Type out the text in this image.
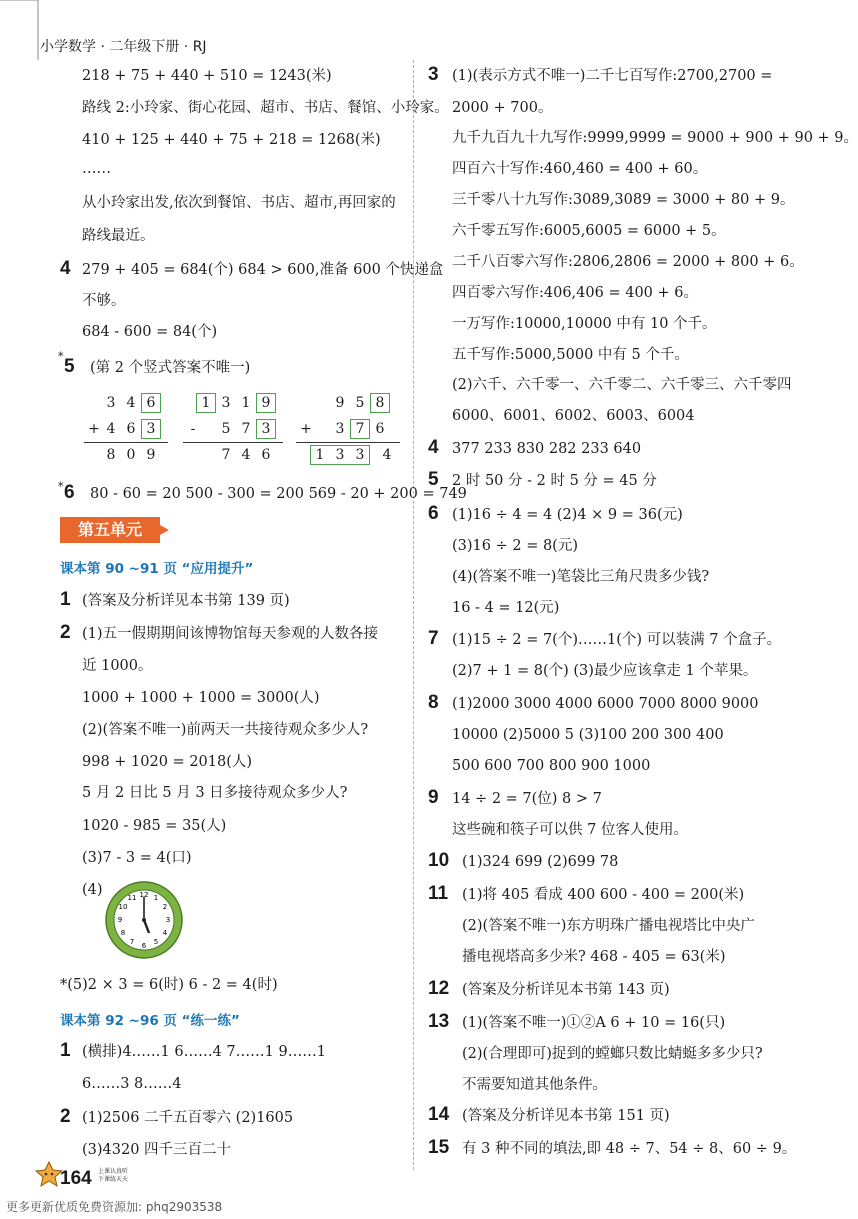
小学数学 · 二年级下册 · RJ
218 + 75 + 440 + 510 = 1243(米)
路线 2:小玲家、街心花园、超市、书店、餐馆、小玲家。
410 + 125 + 440 + 75 + 218 = 1268(米)
……
从小玲家出发,依次到餐馆、书店、超市,再回家的
路线最近。
4 279 + 405 = 684(个) 684 > 600,准备 600 个快递盒
不够。
684 - 600 = 84(个)
* 5 (第 2 个竖式答案不唯一)
3 4 6
+ 4 6 3
8 0 9
1 3 1 9
-	5 7 3
7 4 6
9 5 8
+	3 7 6
1 3 3	4
* 6 80 - 60 = 20 500 - 300 = 200 569 - 20 + 200 = 749
第五单元
课本第 90 ~91 页 “应用提升”
1 (答案及分析详见本书第 139 页)
2 (1)五一假期期间该博物馆每天参观的人数各接
近 1000。
1000 + 1000 + 1000 = 3000(人)
(2)(答案不唯一)前两天一共接待观众多少人?
998 + 1020 = 2018(人)
5 月 2 日比 5 月 3 日多接待观众多少人?
1020 - 985 = 35(人)
(3)7 - 3 = 4(口)
(4)	12 1
2
3
4
5
6
7
8
9
10
11
*(5)2 × 3 = 6(时) 6 - 2 = 4(时)
课本第 92 ~96 页 “练一练”
1 (横排)4……1 6……4 7……1 9……1
6……3 8……4
2 (1)2506 二千五百零六 (2)1605
(3)4320 四千三百二十
3 (1)(表示方式不唯一)二千七百写作:2700,2700 =
2000 + 700。
九千九百九十九写作:9999,9999 = 9000 + 900 + 90 + 9。
四百六十写作:460,460 = 400 + 60。
三千零八十九写作:3089,3089 = 3000 + 80 + 9。
六千零五写作:6005,6005 = 6000 + 5。
二千八百零六写作:2806,2806 = 2000 + 800 + 6。
四百零六写作:406,406 = 400 + 6。
一万写作:10000,10000 中有 10 个千。
五千写作:5000,5000 中有 5 个千。
(2)六千、六千零一、六千零二、六千零三、六千零四
6000、6001、6002、6003、6004
4 377 233 830 282 233 640
5 2 时 50 分 - 2 时 5 分 = 45 分
6 (1)16 ÷ 4 = 4 (2)4 × 9 = 36(元)
(3)16 ÷ 2 = 8(元)
(4)(答案不唯一)笔袋比三角尺贵多少钱?
16 - 4 = 12(元)
7 (1)15 ÷ 2 = 7(个)……1(个) 可以装满 7 个盒子。
(2)7 + 1 = 8(个) (3)最少应该拿走 1 个苹果。
8 (1)2000 3000 4000 6000 7000 8000 9000
10000 (2)5000 5 (3)100 200 300 400
500 600 700 800 900 1000
9 14 ÷ 2 = 7(位) 8 > 7
这些碗和筷子可以供 7 位客人使用。
10 (1)324 699 (2)699 78
11 (1)将 405 看成 400 600 - 400 = 200(米)
(2)(答案不唯一)东方明珠广播电视塔比中央广
播电视塔高多少米? 468 - 405 = 63(米)
12 (答案及分析详见本书第 143 页)
13 (1)(答案不唯一)①②A 6 + 10 = 16(只)
(2)(合理即可)捉到的螳螂只数比蜻蜓多多少只?
不需要知道其他条件。
14 (答案及分析详见本书第 151 页)
15 有 3 种不同的填法,即 48 ÷ 7、54 ÷ 8、60 ÷ 9。
164 上课认真听
下课练天天
更多更新优质免费资源加: phq2903538
